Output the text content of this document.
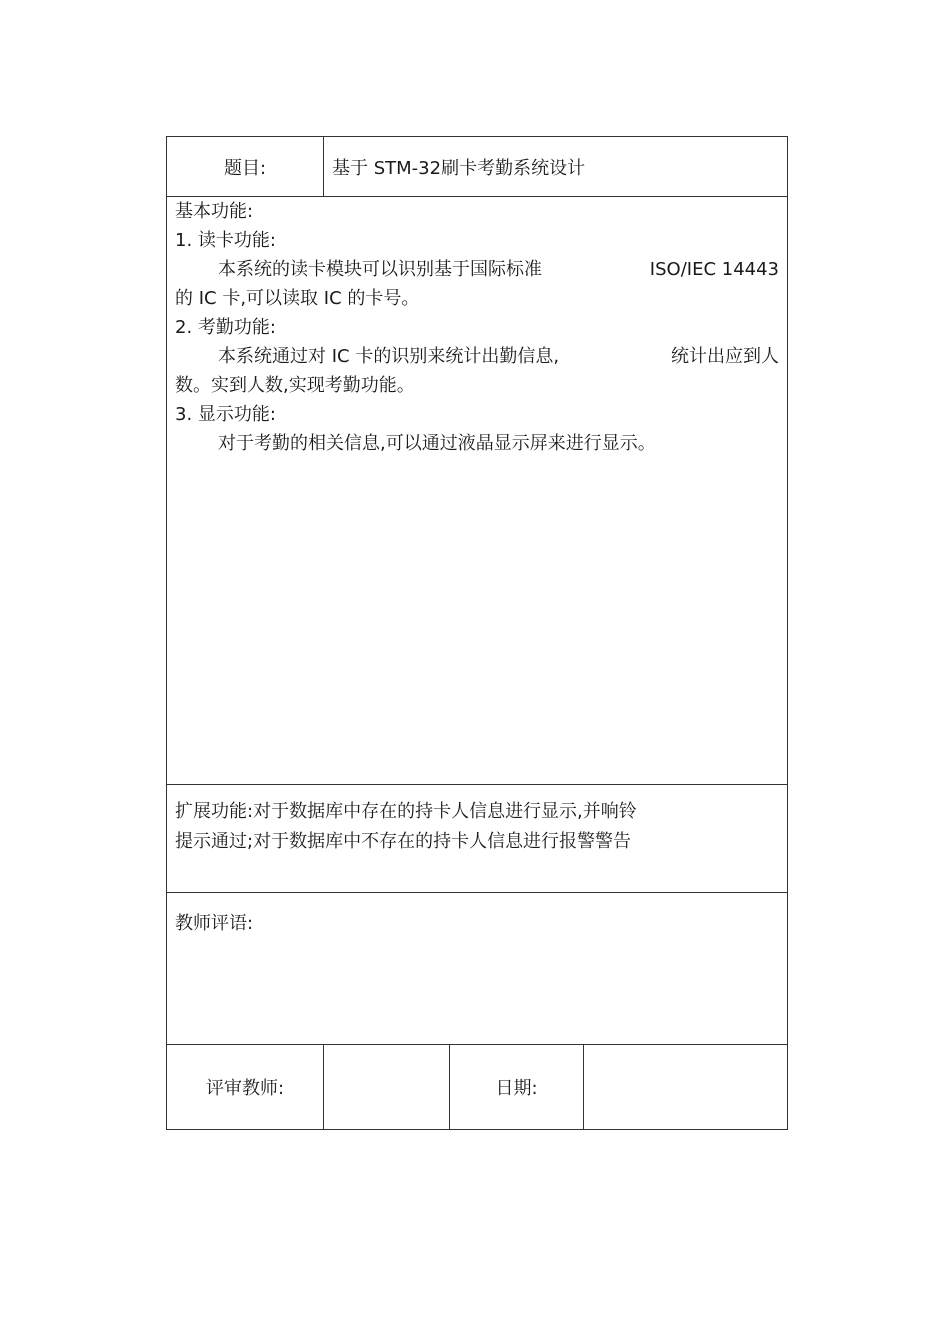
题目:	基于 STM-32刷卡考勤系统设计

基本功能:

1. 读卡功能:

本系统的读卡模块可以识别基于国际标准	ISO/IEC 14443

的 IC 卡,可以读取 IC 的卡号。

2. 考勤功能:

本系统通过对 IC 卡的识别来统计出勤信息,	统计出应到人

数。实到人数,实现考勤功能。

3. 显示功能:

对于考勤的相关信息,可以通过液晶显示屏来进行显示。

扩展功能:对于数据库中存在的持卡人信息进行显示,并响铃

提示通过;对于数据库中不存在的持卡人信息进行报警警告

教师评语:
评审教师:	日期:
